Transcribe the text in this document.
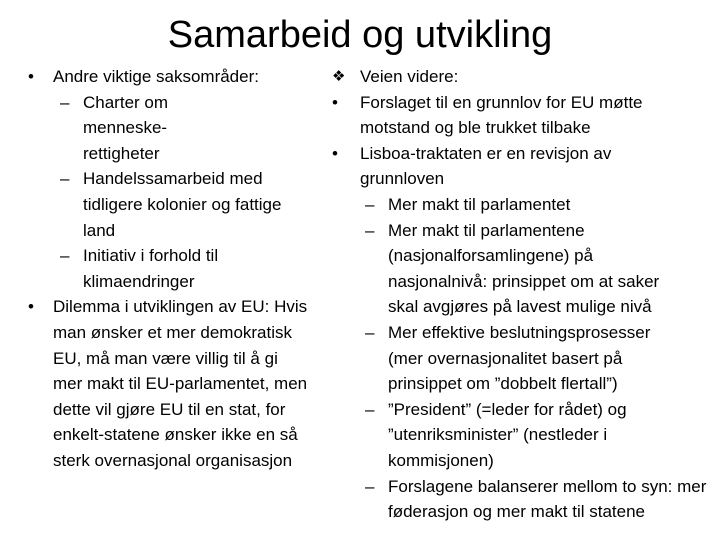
Samarbeid og utvikling
• Andre viktige saksområder:
– Charter om menneske-rettigheter
– Handelssamarbeid med tidligere kolonier og fattige land
– Initiativ i forhold til klimaendringer
• Dilemma i utviklingen av EU: Hvis man ønsker et mer demokratisk EU, må man være villig til å gi mer makt til EU-parlamentet, men dette vil gjøre EU til en stat, for enkelt-statene ønsker ikke en så sterk overnasjonal organisasjon
❖ Veien videre:
• Forslaget til en grunnlov for EU møtte motstand og ble trukket tilbake
• Lisboa-traktaten er en revisjon av grunnloven
– Mer makt til parlamentet
– Mer makt til parlamentene (nasjonalforsamlingene) på nasjonalnivå: prinsippet om at saker skal avgjøres på lavest mulige nivå
– Mer effektive beslutningsprosesser (mer overnasjonalitet basert på prinsippet om ”dobbelt flertall”)
– ”President” (=leder for rådet) og ”utenriksminister” (nestleder i kommisjonen)
– Forslagene balanserer mellom to syn: mer føderasjon og mer makt til statene
